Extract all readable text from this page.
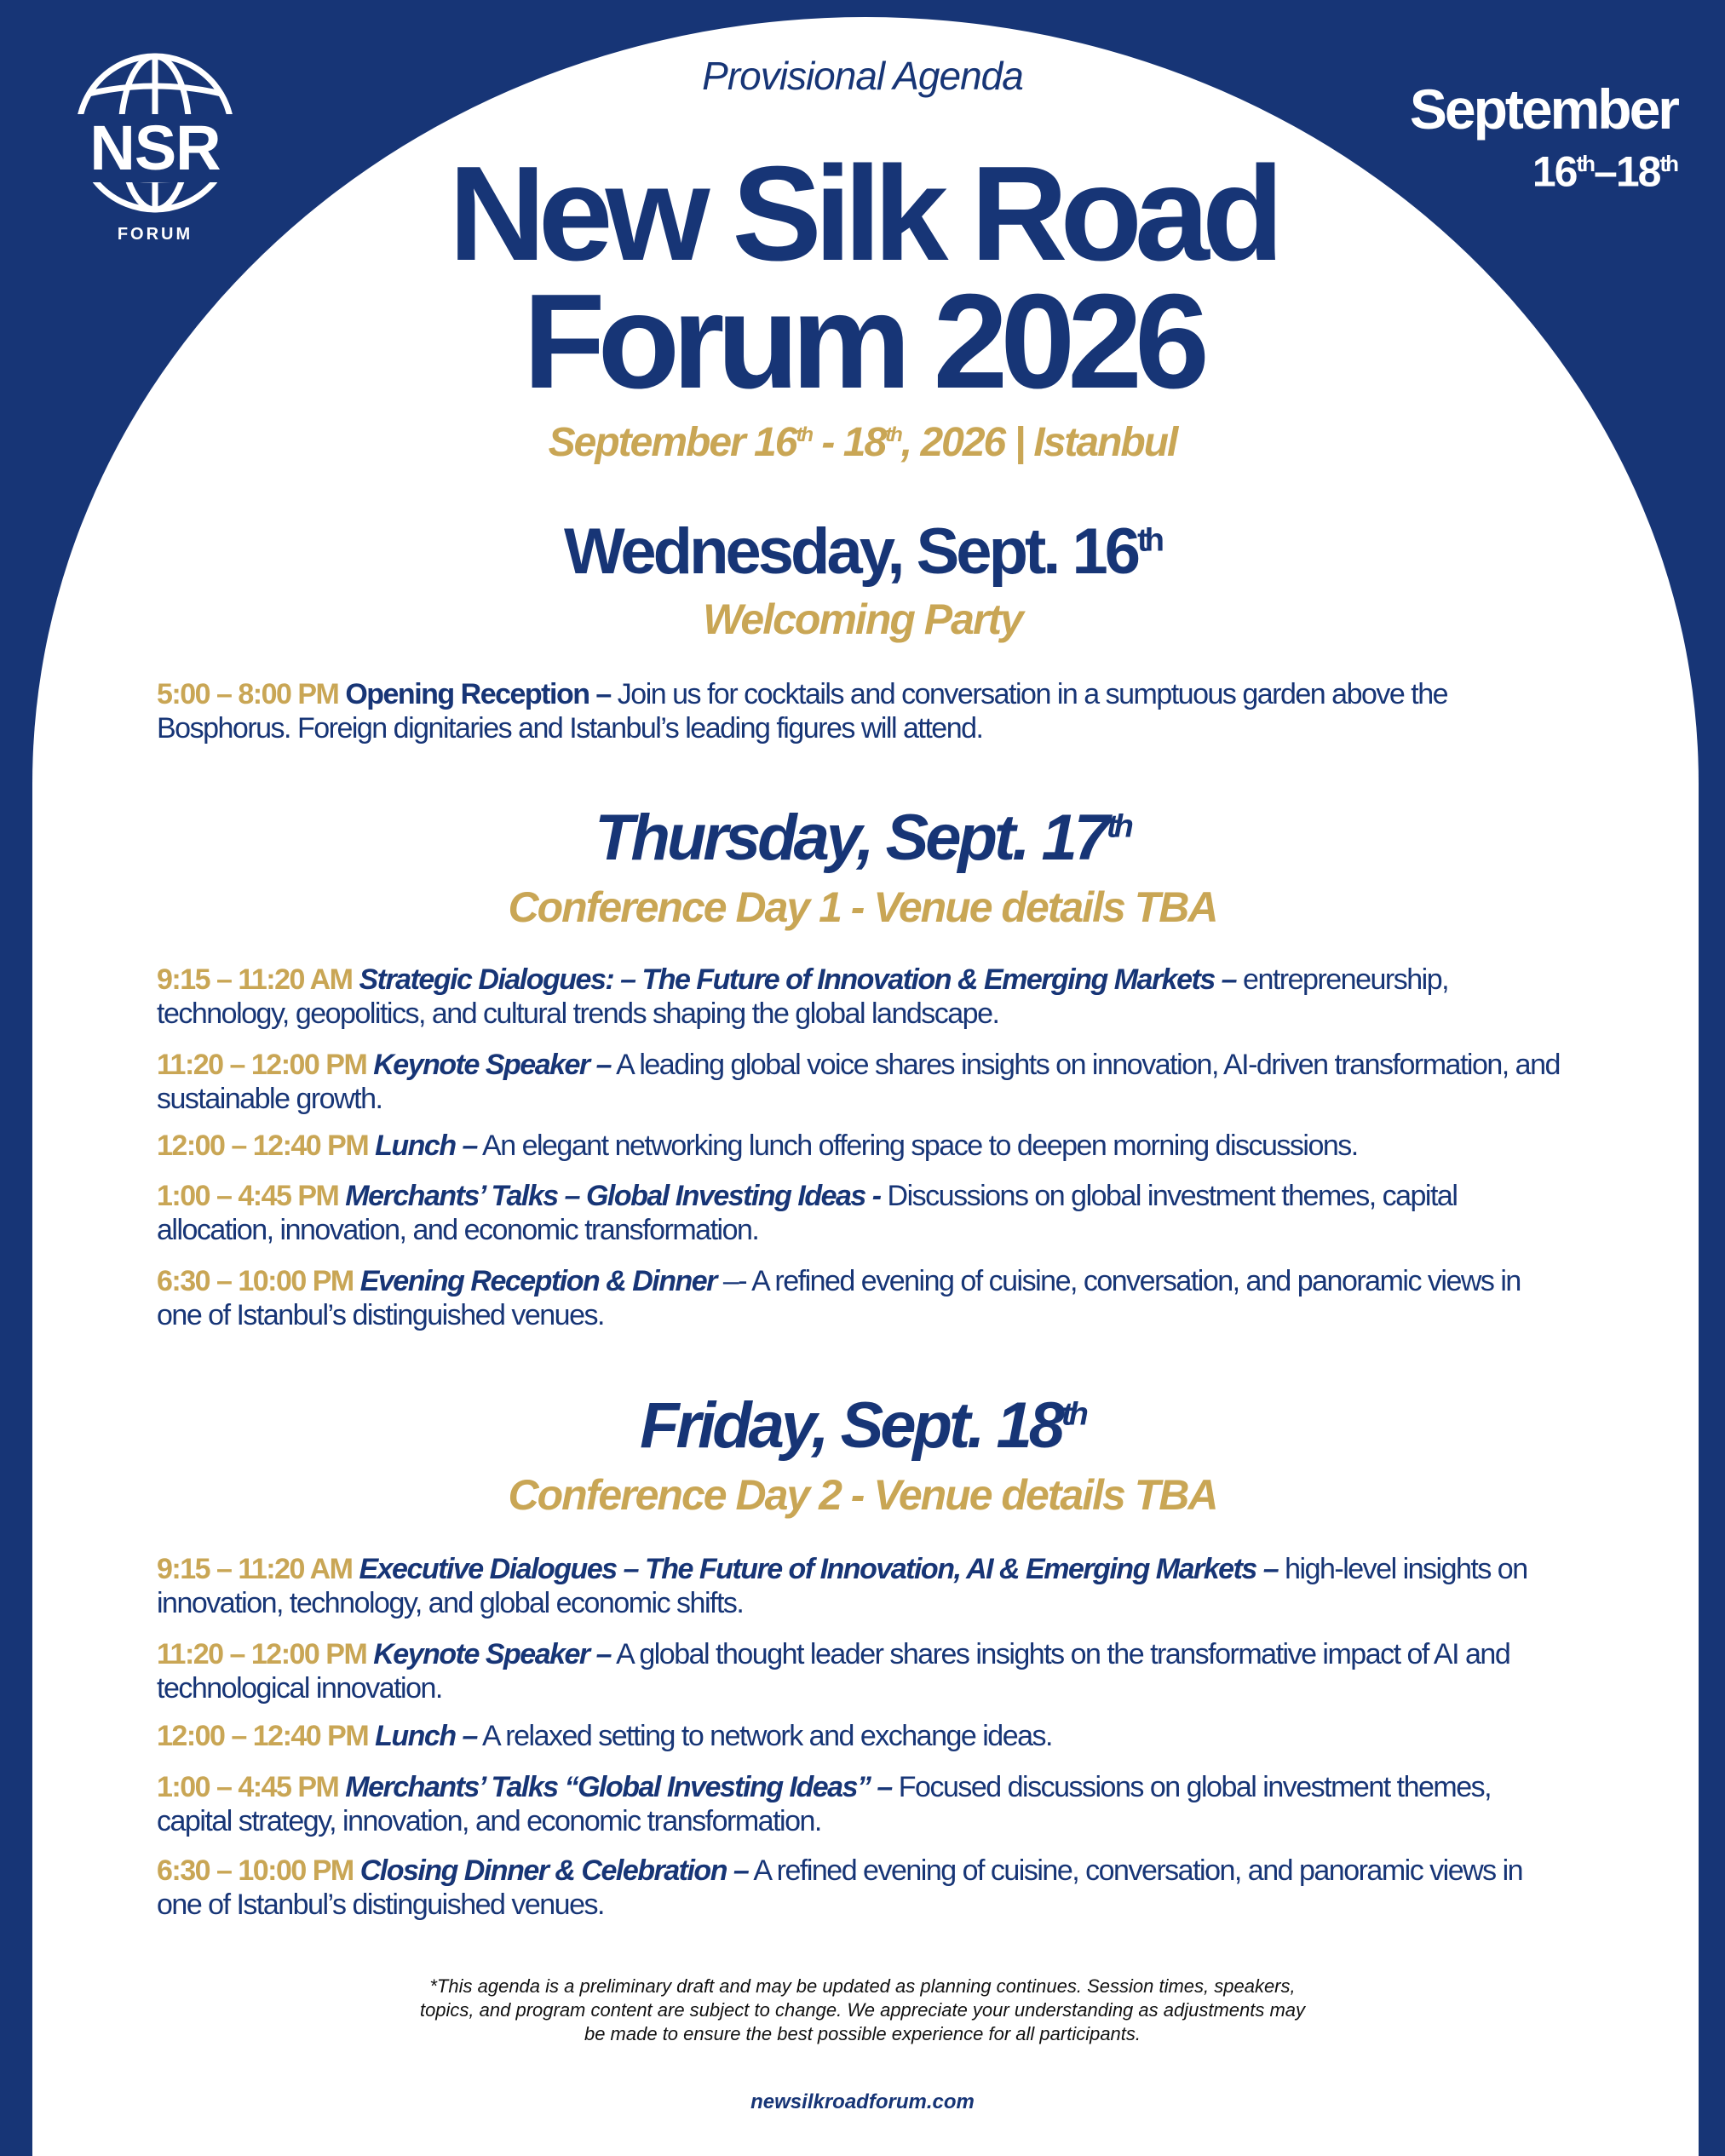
NSR
FORUM
September
16th–18th
Provisional Agenda
New Silk Road
Forum 2026
September 16th - 18th, 2026 | Istanbul
Wednesday, Sept. 16th
Welcoming Party
5:00 – 8:00 PM Opening Reception – Join us for cocktails and conversation in a sumptuous garden above the Bosphorus. Foreign dignitaries and Istanbul’s leading figures will attend.
Thursday, Sept. 17th
Conference Day 1 - Venue details TBA
9:15 – 11:20 AM Strategic Dialogues: – The Future of Innovation & Emerging Markets – entrepreneurship, technology, geopolitics, and cultural trends shaping the global landscape.
11:20 – 12:00 PM Keynote Speaker – A leading global voice shares insights on innovation, AI-driven transformation, and sustainable growth.
12:00 – 12:40 PM Lunch – An elegant networking lunch offering space to deepen morning discussions.
1:00 – 4:45 PM Merchants’ Talks – Global Investing Ideas - Discussions on global investment themes, capital allocation, innovation, and economic transformation.
6:30 – 10:00 PM Evening Reception & Dinner –- A refined evening of cuisine, conversation, and panoramic views in one of Istanbul’s distinguished venues.
Friday, Sept. 18th
Conference Day 2 - Venue details TBA
9:15 – 11:20 AM Executive Dialogues – The Future of Innovation, AI & Emerging Markets – high-level insights on innovation, technology, and global economic shifts.
11:20 – 12:00 PM Keynote Speaker – A global thought leader shares insights on the transformative impact of AI and technological innovation.
12:00 – 12:40 PM Lunch – A relaxed setting to network and exchange ideas.
1:00 – 4:45 PM Merchants’ Talks “Global Investing Ideas” – Focused discussions on global investment themes, capital strategy, innovation, and economic transformation.
6:30 – 10:00 PM Closing Dinner & Celebration – A refined evening of cuisine, conversation, and panoramic views in one of Istanbul’s distinguished venues.
*This agenda is a preliminary draft and may be updated as planning continues. Session times, speakers, topics, and program content are subject to change. We appreciate your understanding as adjustments may be made to ensure the best possible experience for all participants.
newsilkroadforum.com
